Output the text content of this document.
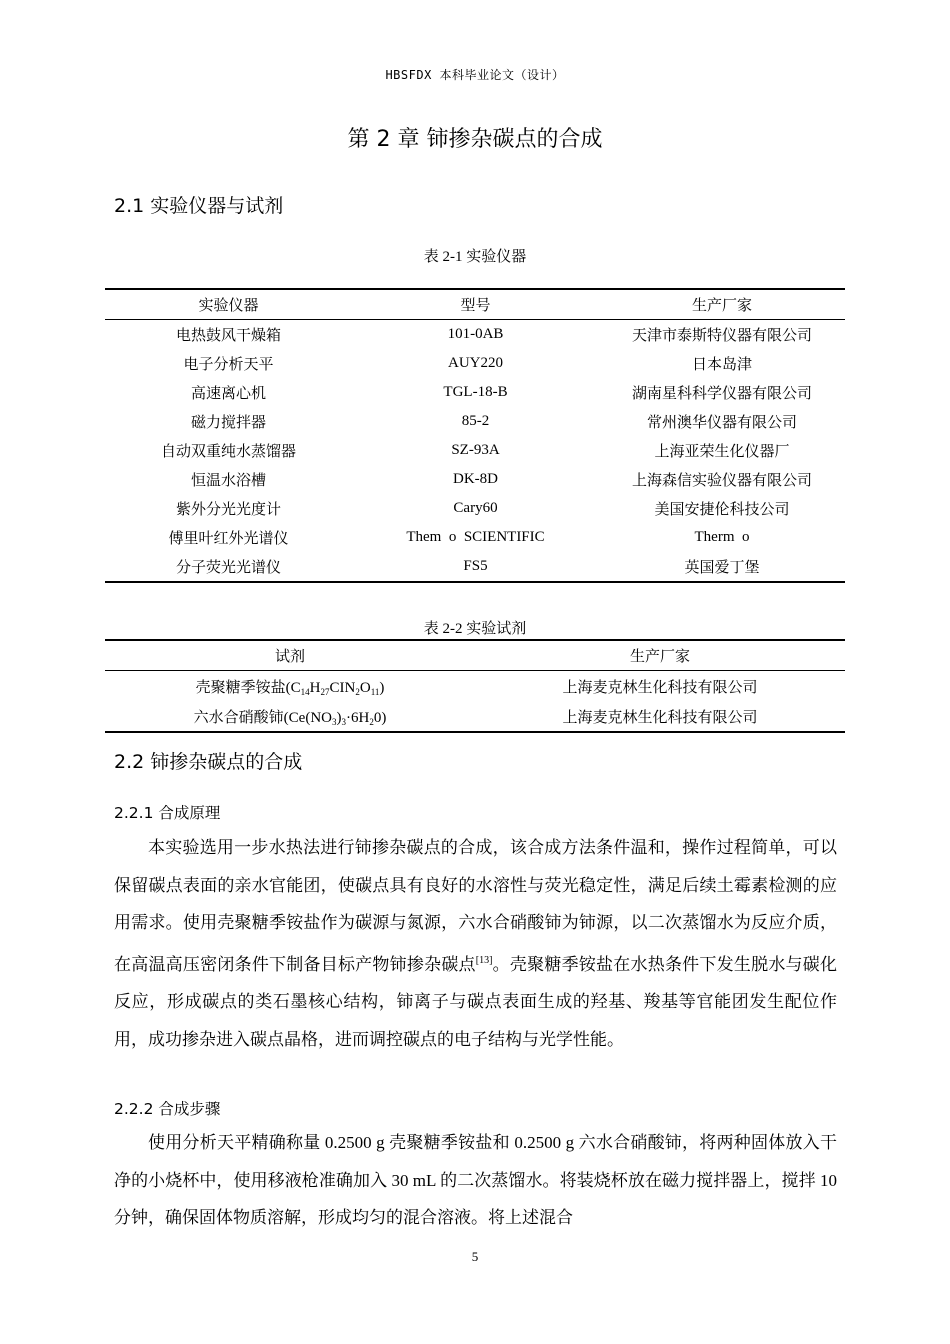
HBSFDX 本科毕业论文（设计）
第 2 章 铈掺杂碳点的合成
2.1 实验仪器与试剂
表 2-1 实验仪器
实验仪器	型号	生产厂家
电热鼓风干燥箱	101-0AB	天津市泰斯特仪器有限公司
电子分析天平	AUY220	日本岛津
高速离心机	TGL-18-B	湖南星科科学仪器有限公司
磁力搅拌器	85-2	常州澳华仪器有限公司
自动双重纯水蒸馏器	SZ-93A	上海亚荣生化仪器厂
恒温水浴槽	DK-8D	上海森信实验仪器有限公司
紫外分光光度计	Cary60	美国安捷伦科技公司
傅里叶红外光谱仪	Them  o  SCIENTIFIC	Therm  o
分子荧光光谱仪	FS5	英国爱丁堡
表 2-2 实验试剂
试剂	生产厂家
壳聚糖季铵盐$(C_{14}H_{27}CIN_2O_{11})$	上海麦克林生化科技有限公司
六水合硝酸铈$(Ce(NO_3)_3\cdot 6H_20)$	上海麦克林生化科技有限公司
2.2 铈掺杂碳点的合成
2.2.1 合成原理
本实验选用一步水热法进行铈掺杂碳点的合成，该合成方法条件温和，操作过程简单，可以保留碳点表面的亲水官能团，使碳点具有良好的水溶性与荧光稳定性，满足后续土霉素检测的应用需求。使用壳聚糖季铵盐作为碳源与氮源，六水合硝酸铈为铈源，以二次蒸馏水为反应介质，在高温高压密闭条件下制备目标产物铈掺杂碳点[13]。壳聚糖季铵盐在水热条件下发生脱水与碳化反应，形成碳点的类石墨核心结构，铈离子与碳点表面生成的羟基、羧基等官能团发生配位作用，成功掺杂进入碳点晶格，进而调控碳点的电子结构与光学性能。
2.2.2 合成步骤
使用分析天平精确称量 0.2500 g 壳聚糖季铵盐和 0.2500 g 六水合硝酸铈，将两种固体放入干净的小烧杯中，使用移液枪准确加入 30 mL 的二次蒸馏水。将装烧杯放在磁力搅拌器上，搅拌 10 分钟，确保固体物质溶解，形成均匀的混合溶液。将上述混合
5
